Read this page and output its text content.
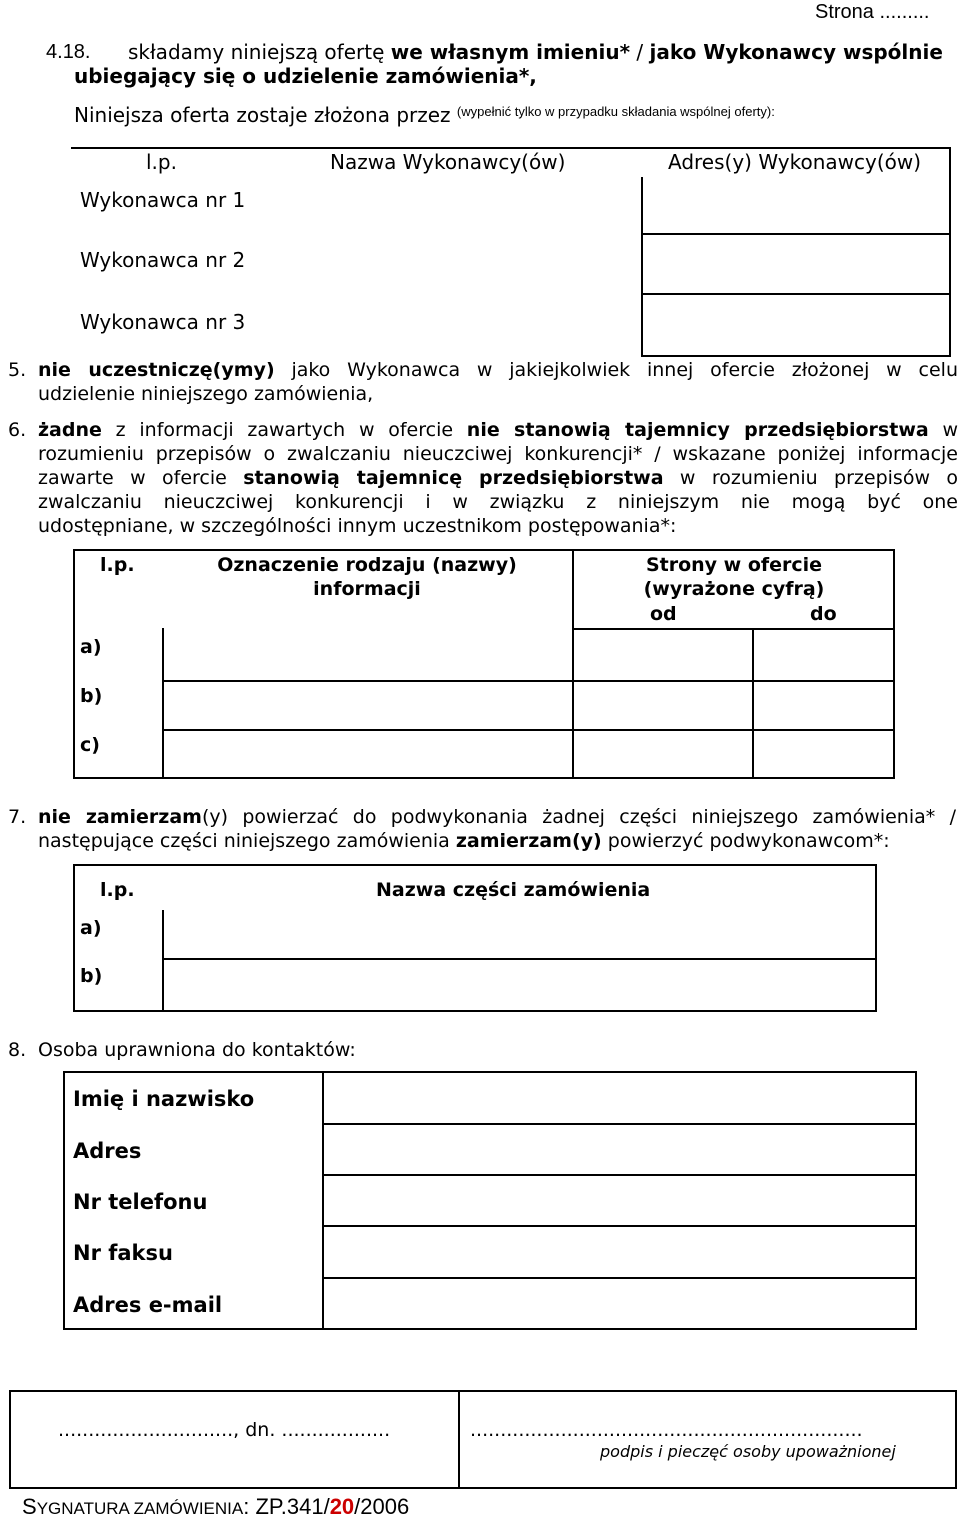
Strona .........
4.18. składamy niniejszą ofertę we własnym imieniu* / jako Wykonawcy wspólnie
ubiegający się o udzielenie zamówienia*,
Niniejsza oferta zostaje złożona przez $^{(wypełnić tylko w przypadku składania wspólnej oferty):}$
l.p.	Nazwa Wykonawcy(ów)	Adres(y) Wykonawcy(ów)
Wykonawca nr 1
Wykonawca nr 2
Wykonawca nr 3
5. nie uczestniczę(ymy) jako Wykonawca w jakiejkolwiek innej ofercie złożonej w celu
udzielenie niniejszego zamówienia,
6. żadne z informacji zawartych w ofercie nie stanowią tajemnicy przedsiębiorstwa w
rozumieniu przepisów o zwalczaniu nieuczciwej konkurencji* / wskazane poniżej informacje
zawarte w ofercie stanowią tajemnicę przedsiębiorstwa w rozumieniu przepisów o
zwalczaniu nieuczciwej konkurencji i w związku z niniejszym nie mogą być one
udostępniane, w szczególności innym uczestnikom postępowania*:
l.p.	Oznaczenie rodzaju (nazwy)
informacji
Strony w ofercie
(wyrażone cyfrą)
od	do
a)
b)
c)
7. nie zamierzam(y) powierzać do podwykonania żadnej części niniejszego zamówienia* /
następujące części niniejszego zamówienia zamierzam(y) powierzyć podwykonawcom*:
l.p.	Nazwa części zamówienia
a)
b)
8. Osoba uprawniona do kontaktów:
Imię i nazwisko
Adres
Nr telefonu
Nr faksu
Adres e-mail
............................., dn. ..................	.................................................................
podpis i pieczęć osoby upoważnionej
SYGNATURA ZAMÓWIENIA: ZP.341/20/2006
